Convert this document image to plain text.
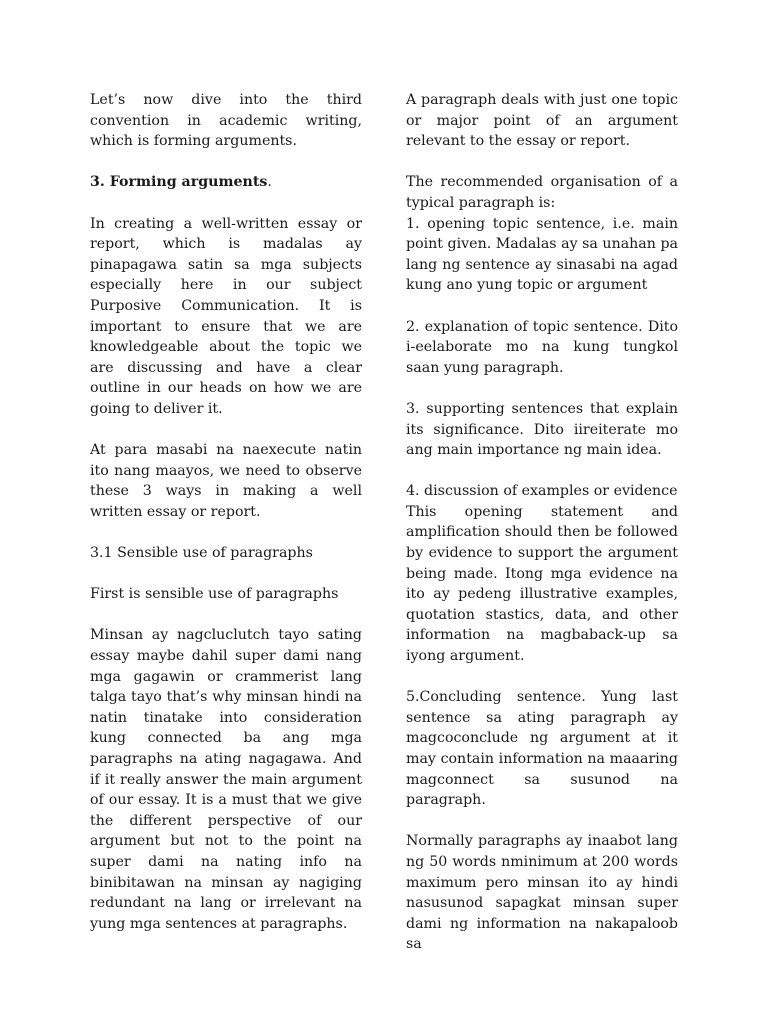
Let’s now dive into the third convention in academic writing, which is forming arguments.

3. Forming arguments.

In creating a well-written essay or report, which is madalas ay pinapagawa satin sa mga subjects especially here in our subject Purposive Communication. It is important to ensure that we are knowledgeable about the topic we are discussing and have a clear outline in our heads on how we are going to deliver it.

At para masabi na naexecute natin ito nang maayos, we need to observe these 3 ways in making a well written essay or report.

3.1 Sensible use of paragraphs

First is sensible use of paragraphs

Minsan ay nagcluclutch tayo sating essay maybe dahil super dami nang mga gagawin or crammerist lang talga tayo that’s why minsan hindi na natin tinatake into consideration kung connected ba ang mga paragraphs na ating nagagawa. And if it really answer the main argument of our essay. It is a must that we give the different perspective of our argument but not to the point na super dami na nating info na binibitawan na minsan ay nagiging redundant na lang or irrelevant na yung mga sentences at paragraphs.

A paragraph deals with just one topic or major point of an argument relevant to the essay or report.

The recommended organisation of a typical paragraph is:

1. opening topic sentence, i.e. main point given. Madalas ay sa unahan pa lang ng sentence ay sinasabi na agad kung ano yung topic or argument

2. explanation of topic sentence. Dito i-eelaborate mo na kung tungkol saan yung paragraph.

3. supporting sentences that explain its significance. Dito iireiterate mo ang main importance ng main idea.

4. discussion of examples or evidence

This opening statement and amplification should then be followed by evidence to support the argument being made. Itong mga evidence na ito ay pedeng illustrative examples, quotation stastics, data, and other information na magbaback-up sa iyong argument.

5.Concluding sentence. Yung last sentence sa ating paragraph ay magcoconclude ng argument at it may contain information na maaaring magconnect sa susunod na paragraph.

Normally paragraphs ay inaabot lang ng 50 words nminimum at 200 words maximum pero minsan ito ay hindi nasusunod sapagkat minsan super dami ng information na nakapaloob sa
